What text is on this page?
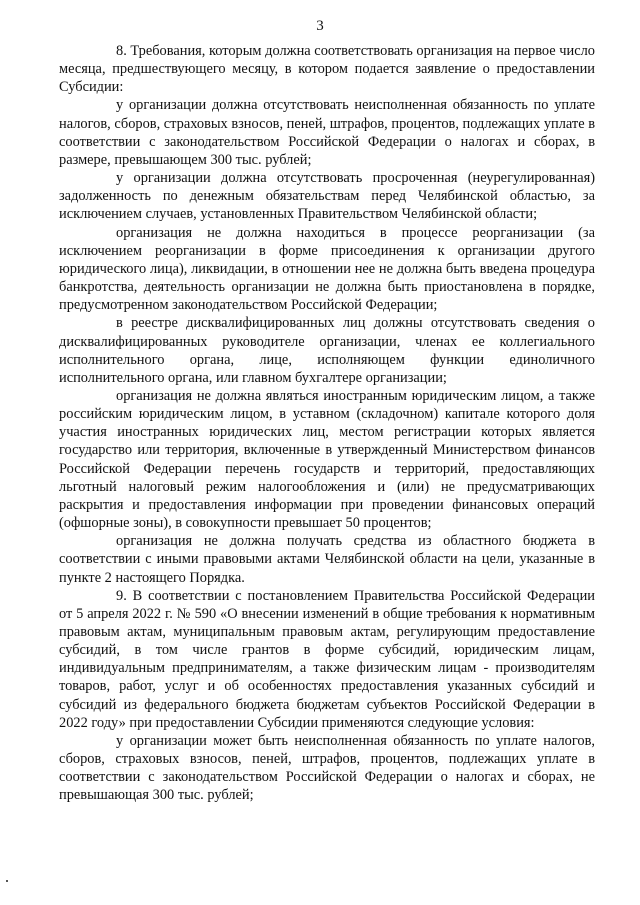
3

8. Требования, которым должна соответствовать организация на первое число месяца, предшествующего месяцу, в котором подается заявление о предоставлении Субсидии:

у организации должна отсутствовать неисполненная обязанность по уплате налогов, сборов, страховых взносов, пеней, штрафов, процентов, подлежащих уплате в соответствии с законодательством Российской Федерации о налогах и сборах, в размере, превышающем 300 тыс. рублей;

у организации должна отсутствовать просроченная (неурегулированная) задолженность по денежным обязательствам перед Челябинской областью, за исключением случаев, установленных Правительством Челябинской области;

организация не должна находиться в процессе реорганизации (за исключением реорганизации в форме присоединения к организации другого юридического лица), ликвидации, в отношении нее не должна быть введена процедура банкротства, деятельность организации не должна быть приостановлена в порядке, предусмотренном законодательством Российской Федерации;

в реестре дисквалифицированных лиц должны отсутствовать сведения о дисквалифицированных руководителе организации, членах ее коллегиального исполнительного органа, лице, исполняющем функции единоличного исполнительного органа, или главном бухгалтере организации;

организация не должна являться иностранным юридическим лицом, а также российским юридическим лицом, в уставном (складочном) капитале которого доля участия иностранных юридических лиц, местом регистрации которых является государство или территория, включенные в утвержденный Министерством финансов Российской Федерации перечень государств и территорий, предоставляющих льготный налоговый режим налогообложения и (или) не предусматривающих раскрытия и предоставления информации при проведении финансовых операций (офшорные зоны), в совокупности превышает 50 процентов;

организация не должна получать средства из областного бюджета в соответствии с иными правовыми актами Челябинской области на цели, указанные в пункте 2 настоящего Порядка.

9. В соответствии с постановлением Правительства Российской Федерации от 5 апреля 2022 г. № 590 «О внесении изменений в общие требования к нормативным правовым актам, муниципальным правовым актам, регулирующим предоставление субсидий, в том числе грантов в форме субсидий, юридическим лицам, индивидуальным предпринимателям, а также физическим лицам - производителям товаров, работ, услуг и об особенностях предоставления указанных субсидий и субсидий из федерального бюджета бюджетам субъектов Российской Федерации в 2022 году» при предоставлении Субсидии применяются следующие условия:

у организации может быть неисполненная обязанность по уплате налогов, сборов, страховых взносов, пеней, штрафов, процентов, подлежащих уплате в соответствии с законодательством Российской Федерации о налогах и сборах, не превышающая 300 тыс. рублей;
